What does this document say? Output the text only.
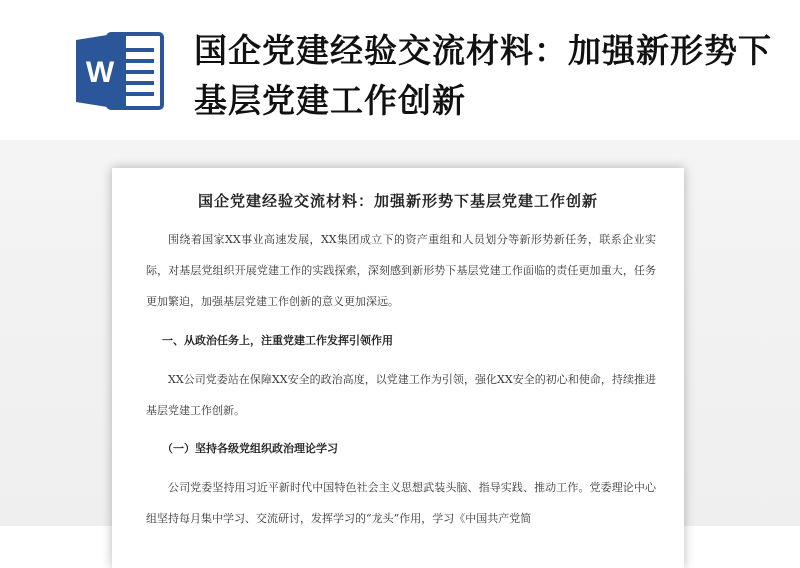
W
国企党建经验交流材料：加强新形势下基层党建工作创新
国企党建经验交流材料：加强新形势下基层党建工作创新
围绕着国家XX事业高速发展，XX集团成立下的资产重组和人员划分等新形势新任务，联系企业实际，对基层党组织开展党建工作的实践探索，深刻感到新形势下基层党建工作面临的责任更加重大，任务更加繁迫，加强基层党建工作创新的意义更加深远。
一、从政治任务上，注重党建工作发挥引领作用
XX公司党委站在保障XX安全的政治高度，以党建工作为引领，强化XX安全的初心和使命，持续推进基层党建工作创新。
（一）坚持各级党组织政治理论学习
公司党委坚持用习近平新时代中国特色社会主义思想武装头脑、指导实践、推动工作。党委理论中心组坚持每月集中学习、交流研讨，发挥学习的“龙头”作用，学习《中国共产党简
